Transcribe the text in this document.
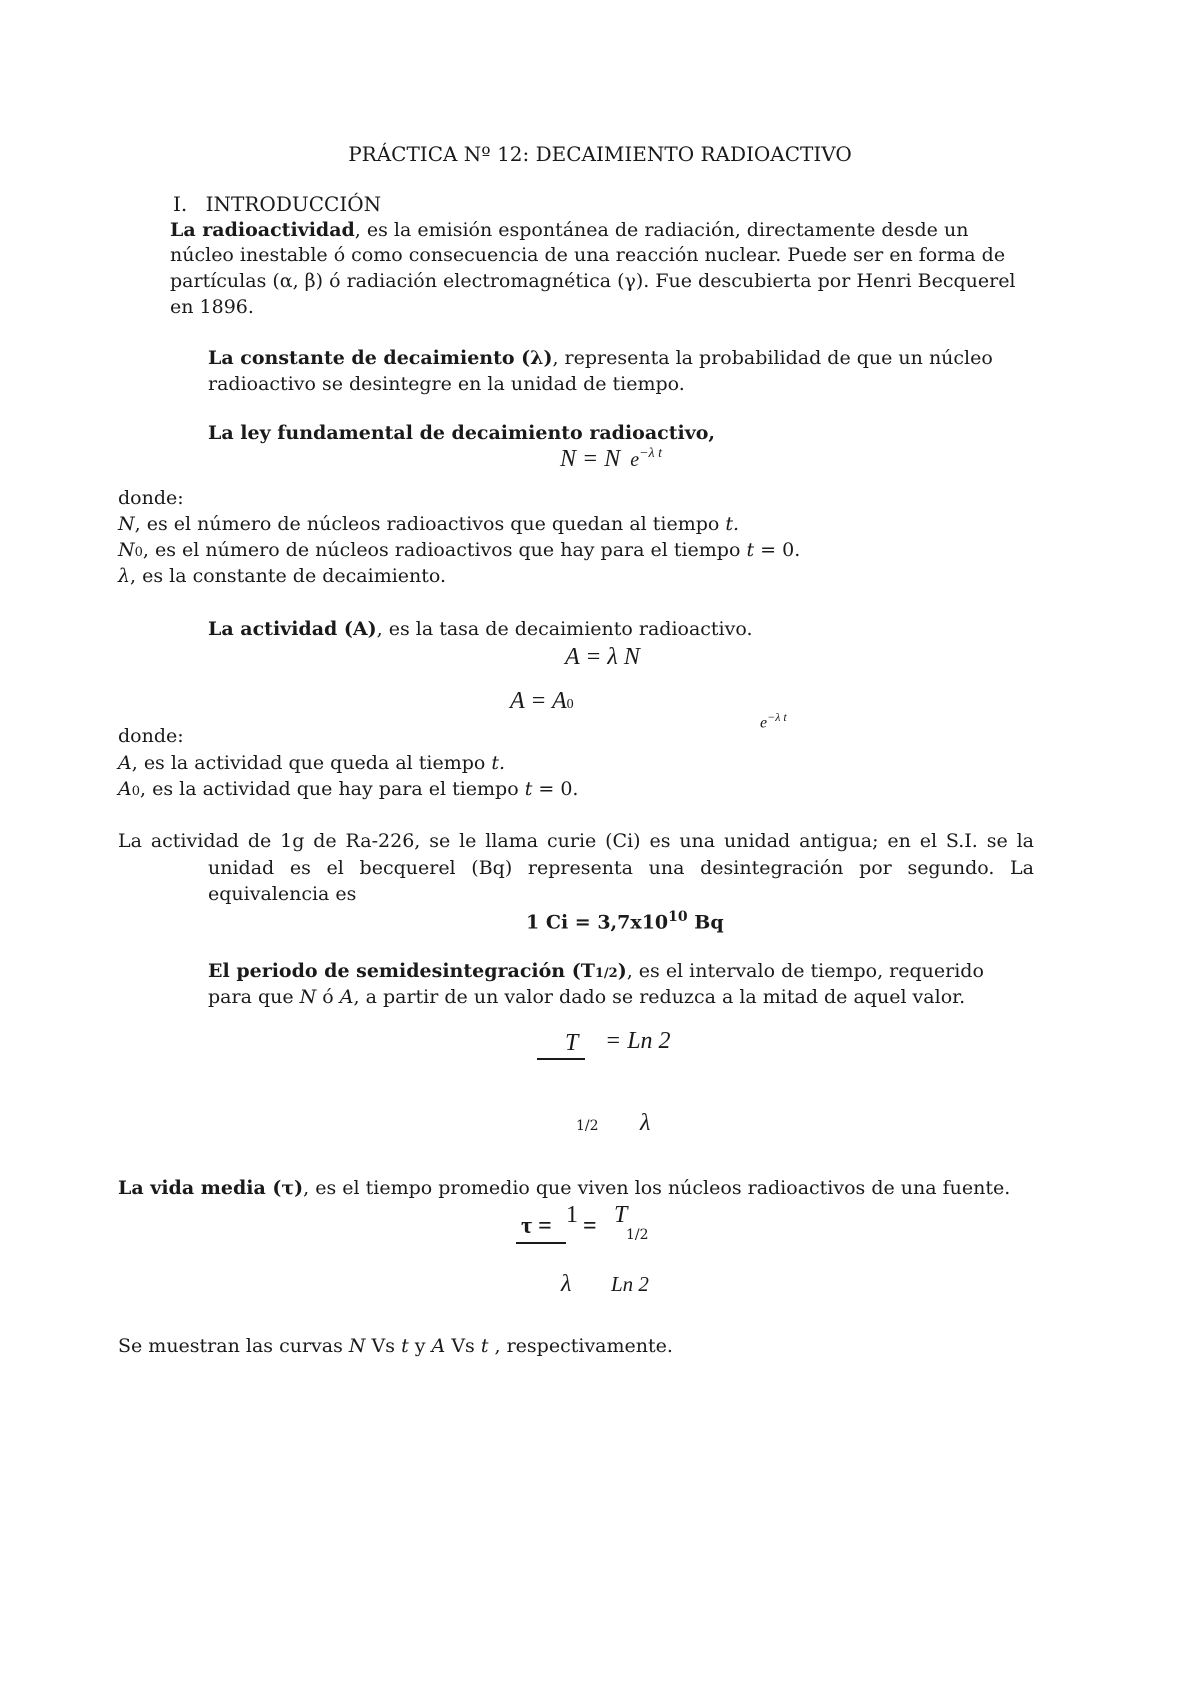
PRÁCTICA Nº 12: DECAIMIENTO RADIOACTIVO
I. INTRODUCCIÓN
La radioactividad, es la emisión espontánea de radiación, directamente desde un
núcleo inestable ó como consecuencia de una reacción nuclear. Puede ser en forma de
partículas (α, β) ó radiación electromagnética (γ). Fue descubierta por Henri Becquerel
en 1896.
La constante de decaimiento (λ), representa la probabilidad de que un núcleo
radioactivo se desintegre en la unidad de tiempo.
La ley fundamental de decaimiento radioactivo,
N = N $e^{-\lambda t}$
donde:
N, es el número de núcleos radioactivos que quedan al tiempo t.
N0, es el número de núcleos radioactivos que hay para el tiempo t = 0.
λ, es la constante de decaimiento.
La actividad (A), es la tasa de decaimiento radioactivo.
A = λ N
A = A0
$e^{-\lambda t}$
donde:
A, es la actividad que queda al tiempo t.
A0, es la actividad que hay para el tiempo t = 0.
La actividad de 1g de Ra-226, se le llama curie (Ci) es una unidad antigua; en el S.I. se la
unidad es el becquerel (Bq) representa una desintegración por segundo. La
equivalencia es
1 $Ci = 3,7x10^{10}$ Bq
El periodo de semidesintegración (T1/2), es el intervalo de tiempo, requerido
para que N ó A, a partir de un valor dado se reduzca a la mitad de aquel valor.
T = Ln 2
1/2 λ
La vida media (τ), es el tiempo promedio que viven los núcleos radioactivos de una fuente.
τ = 1 = T
1/2
λ Ln 2
Se muestran las curvas N Vs t y A Vs t , respectivamente.
